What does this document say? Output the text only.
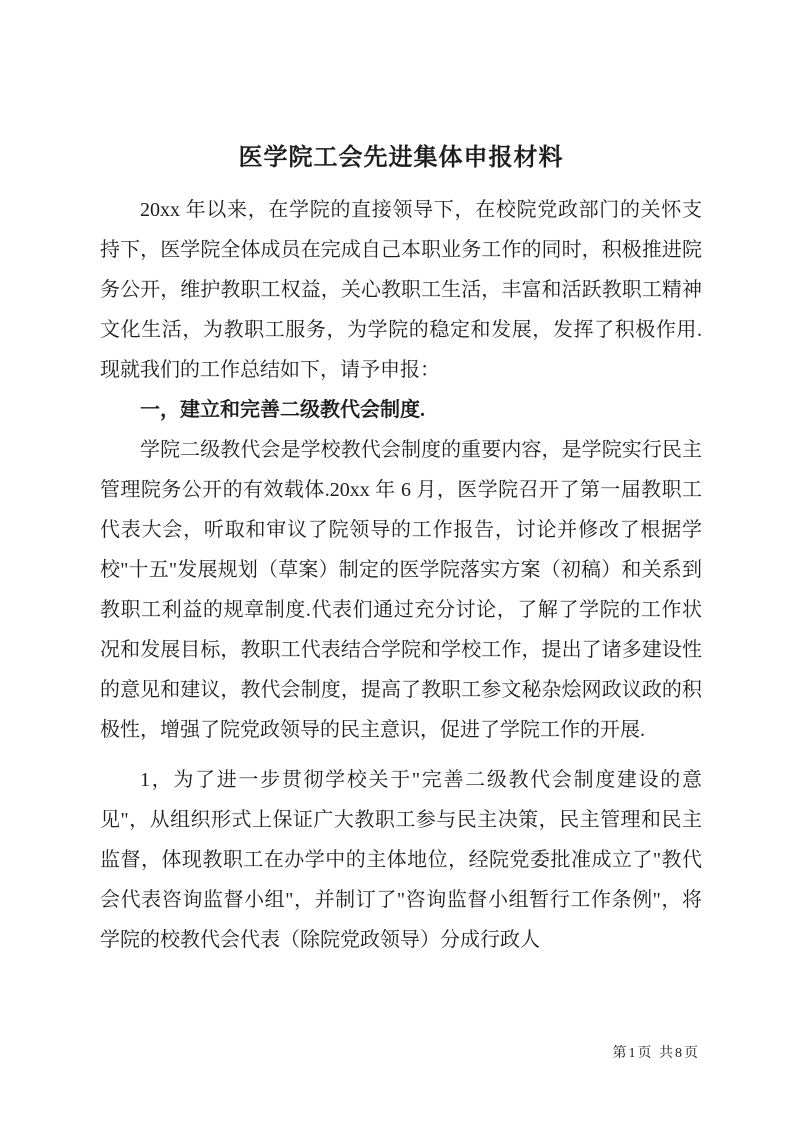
医学院工会先进集体申报材料

20xx 年以来，在学院的直接领导下，在校院党政部门的关怀支持下，医学院全体成员在完成自己本职业务工作的同时，积极推进院务公开，维护教职工权益，关心教职工生活，丰富和活跃教职工精神文化生活，为教职工服务，为学院的稳定和发展，发挥了积极作用.现就我们的工作总结如下，请予申报：

一，建立和完善二级教代会制度.

学院二级教代会是学校教代会制度的重要内容，是学院实行民主管理院务公开的有效载体.20xx 年 6 月，医学院召开了第一届教职工代表大会，听取和审议了院领导的工作报告，讨论并修改了根据学校"十五"发展规划（草案）制定的医学院落实方案（初稿）和关系到教职工利益的规章制度.代表们通过充分讨论，了解了学院的工作状况和发展目标，教职工代表结合学院和学校工作，提出了诸多建设性的意见和建议，教代会制度，提高了教职工参文秘杂烩网政议政的积极性，增强了院党政领导的民主意识，促进了学院工作的开展.

1，为了进一步贯彻学校关于"完善二级教代会制度建设的意见"，从组织形式上保证广大教职工参与民主决策，民主管理和民主监督，体现教职工在办学中的主体地位，经院党委批准成立了"教代会代表咨询监督小组"，并制订了"咨询监督小组暂行工作条例"，将学院的校教代会代表（除院党政领导）分成行政人

第1页 共8页
